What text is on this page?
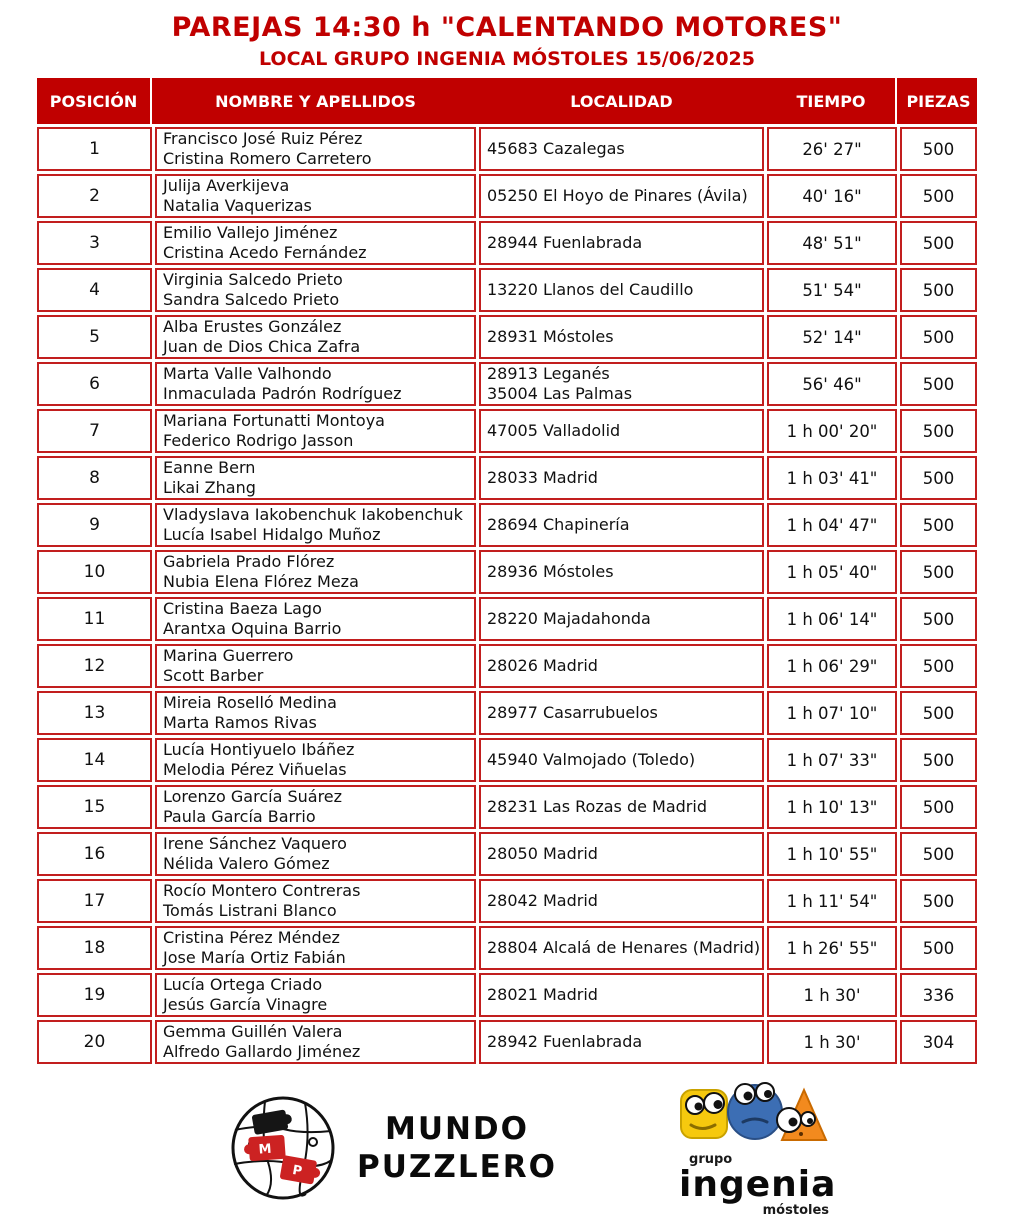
PAREJAS 14:30 h "CALENTANDO MOTORES"
LOCAL GRUPO INGENIA MÓSTOLES 15/06/2025
POSICIÓN	NOMBRE Y APELLIDOS	LOCALIDAD	TIEMPO	PIEZAS
1
Francisco José Ruiz Pérez
Cristina Romero Carretero
45683 Cazalegas	26' 27"	500
2
Julija Averkijeva
Natalia Vaquerizas
05250 El Hoyo de Pinares (Ávila)	40' 16"	500
3
Emilio Vallejo Jiménez
Cristina Acedo Fernández
28944 Fuenlabrada	48' 51"	500
4
Virginia Salcedo Prieto
Sandra Salcedo Prieto
13220 Llanos del Caudillo	51' 54"	500
5
Alba Erustes González
Juan de Dios Chica Zafra
28931 Móstoles	52' 14"	500
6
Marta Valle Valhondo
Inmaculada Padrón Rodríguez
28913 Leganés
35004 Las Palmas	56' 46"	500
7
Mariana Fortunatti Montoya
Federico Rodrigo Jasson
47005 Valladolid	1 h 00' 20"	500
8
Eanne Bern
Likai Zhang
28033 Madrid	1 h 03' 41"	500
9
Vladyslava Iakobenchuk Iakobenchuk
Lucía Isabel Hidalgo Muñoz
28694 Chapinería	1 h 04' 47"	500
10
Gabriela Prado Flórez
Nubia Elena Flórez Meza
28936 Móstoles	1 h 05' 40"	500
11
Cristina Baeza Lago
Arantxa Oquina Barrio
28220 Majadahonda	1 h 06' 14"	500
12
Marina Guerrero
Scott Barber
28026 Madrid	1 h 06' 29"	500
13
Mireia Roselló Medina
Marta Ramos Rivas
28977 Casarrubuelos	1 h 07' 10"	500
14
Lucía Hontiyuelo Ibáñez
Melodia Pérez Viñuelas
45940 Valmojado (Toledo)	1 h 07' 33"	500
15
Lorenzo García Suárez
Paula García Barrio
28231 Las Rozas de Madrid	1 h 10' 13"	500
16
Irene Sánchez Vaquero
Nélida Valero Gómez
28050 Madrid	1 h 10' 55"	500
17
Rocío Montero Contreras
Tomás Listrani Blanco
28042 Madrid	1 h 11' 54"	500
18
Cristina Pérez Méndez
Jose María Ortiz Fabián
28804 Alcalá de Henares (Madrid) 1 h 26' 55"	500
19
Lucía Ortega Criado
Jesús García Vinagre
28021 Madrid	1 h 30'	336
20
Gemma Guillén Valera
Alfredo Gallardo Jiménez
28942 Fuenlabrada	1 h 30'	304
M
P
MUNDO
PUZZLERO	grupo
ingenia
móstoles
